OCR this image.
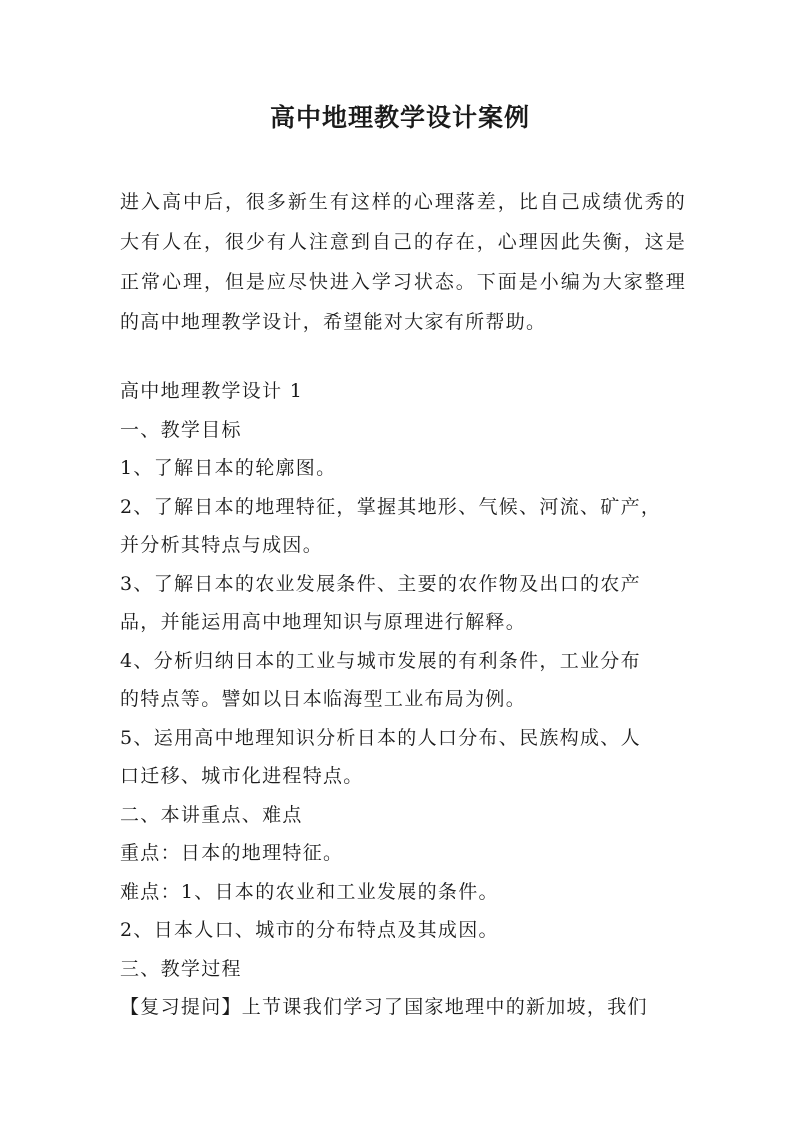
高中地理教学设计案例

进入高中后，很多新生有这样的心理落差，比自己成绩优秀的大有人在，很少有人注意到自己的存在，心理因此失衡，这是正常心理，但是应尽快进入学习状态。下面是小编为大家整理的高中地理教学设计，希望能对大家有所帮助。

高中地理教学设计 1
一、教学目标
1、了解日本的轮廓图。
2、了解日本的地理特征，掌握其地形、气候、河流、矿产，
并分析其特点与成因。
3、了解日本的农业发展条件、主要的农作物及出口的农产
品，并能运用高中地理知识与原理进行解释。
4、分析归纳日本的工业与城市发展的有利条件，工业分布
的特点等。譬如以日本临海型工业布局为例。
5、运用高中地理知识分析日本的人口分布、民族构成、人
口迁移、城市化进程特点。
二、本讲重点、难点
重点：日本的地理特征。
难点：1、日本的农业和工业发展的条件。
2、日本人口、城市的分布特点及其成因。
三、教学过程
【复习提问】上节课我们学习了国家地理中的新加坡，我们
